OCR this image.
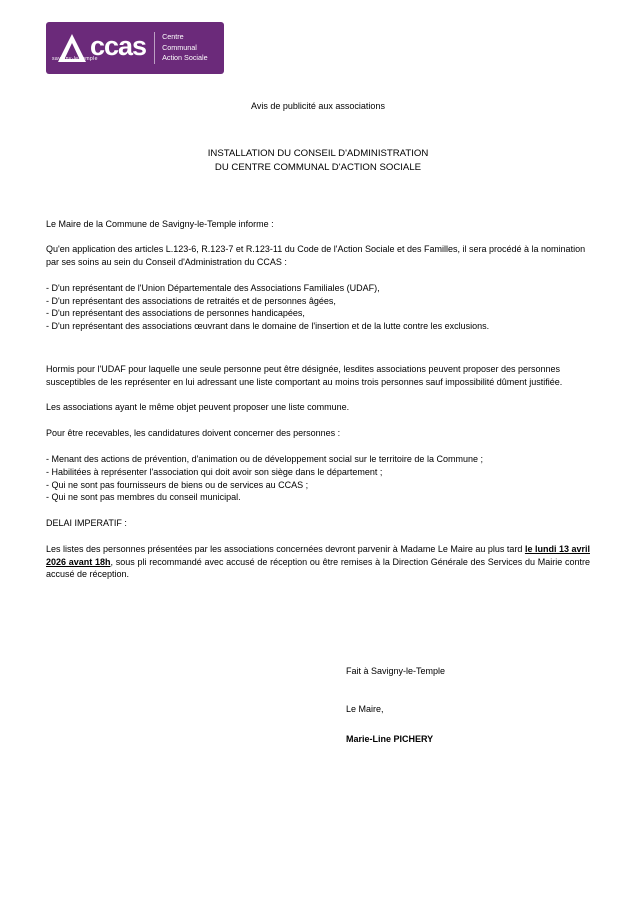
ccas
savigny-le-temple
Centre
Communal
Action Sociale

Avis de publicité aux associations

INSTALLATION DU CONSEIL D'ADMINISTRATION
DU CENTRE COMMUNAL D'ACTION SOCIALE

Le Maire de la Commune de Savigny-le-Temple informe :

Qu'en application des articles L.123-6, R.123-7 et R.123-11 du Code de l'Action Sociale et des Familles, il sera procédé à la nomination par ses soins au sein du Conseil d'Administration du CCAS :

- D'un représentant de l'Union Départementale des Associations Familiales (UDAF),

- D'un représentant des associations de retraités et de personnes âgées,

- D'un représentant des associations de personnes handicapées,

- D'un représentant des associations œuvrant dans le domaine de l'insertion et de la lutte contre les exclusions.

Hormis pour l'UDAF pour laquelle une seule personne peut être désignée, lesdites associations peuvent proposer des personnes susceptibles de les représenter en lui adressant une liste comportant au moins trois personnes sauf impossibilité dûment justifiée.

Les associations ayant le même objet peuvent proposer une liste commune.

Pour être recevables, les candidatures doivent concerner des personnes :

- Menant des actions de prévention, d'animation ou de développement social sur le territoire de la Commune ;

- Habilitées à représenter l'association qui doit avoir son siège dans le département ;

- Qui ne sont pas fournisseurs de biens ou de services au CCAS ;

- Qui ne sont pas membres du conseil municipal.

DELAI IMPERATIF :

Les listes des personnes présentées par les associations concernées devront parvenir à Madame Le Maire au plus tard le lundi 13 avril 2026 avant 18h, sous pli recommandé avec accusé de réception ou être remises à la Direction Générale des Services du Mairie contre accusé de réception.

Fait à Savigny-le-Temple
Le Maire,
Marie-Line PICHERY
